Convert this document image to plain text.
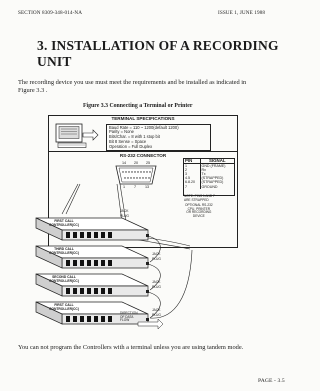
SECTION 8309-348-014-NA	ISSUE 1, JUNE 1988
3. INSTALLATION OF A RECORDING UNIT
The recording device you use must meet the requirements and be installed as indicated in
Figure 3.3 .
Figure 3.3 Connecting a Terminal or Printer
TERMINAL SPECIFICATIONS
Baud Rate = 110 ~ 1200(default 1200)
Parity = None
Bits/Char. = 8 with 1 stop bit
Bit 8 Sense = Space
Operation = Full Duplex
RS-232 CONNECTOR
14 20 25
1 7 13
PIN	SIGNAL
1	GND (FRAME)
2	Rx
3	Tx
4.5	(STRAPPED)
6.8.20	(STRAPPED)
7	GROUND
NOTE: PINS 1 AND 7
ARE STRAPPED
OPTIONAL RS-232
CPU, PRINTER
OR RECORDING
DEVICE
FIRST CALL CONTROLLER(CC)
THIRD CALL CONTROLLER(CC)
SECOND CALL CONTROLLER(CC)
FIRST CALL CONTROLLER(CC)
JACK
PLUG
JACK
PLUG
JACK
PLUG
JACK
PLUG
DIRECTION
OF DATA
FLOW
You can not program the Controllers with a terminal unless you are using tandem mode.
PAGE - 3.5
